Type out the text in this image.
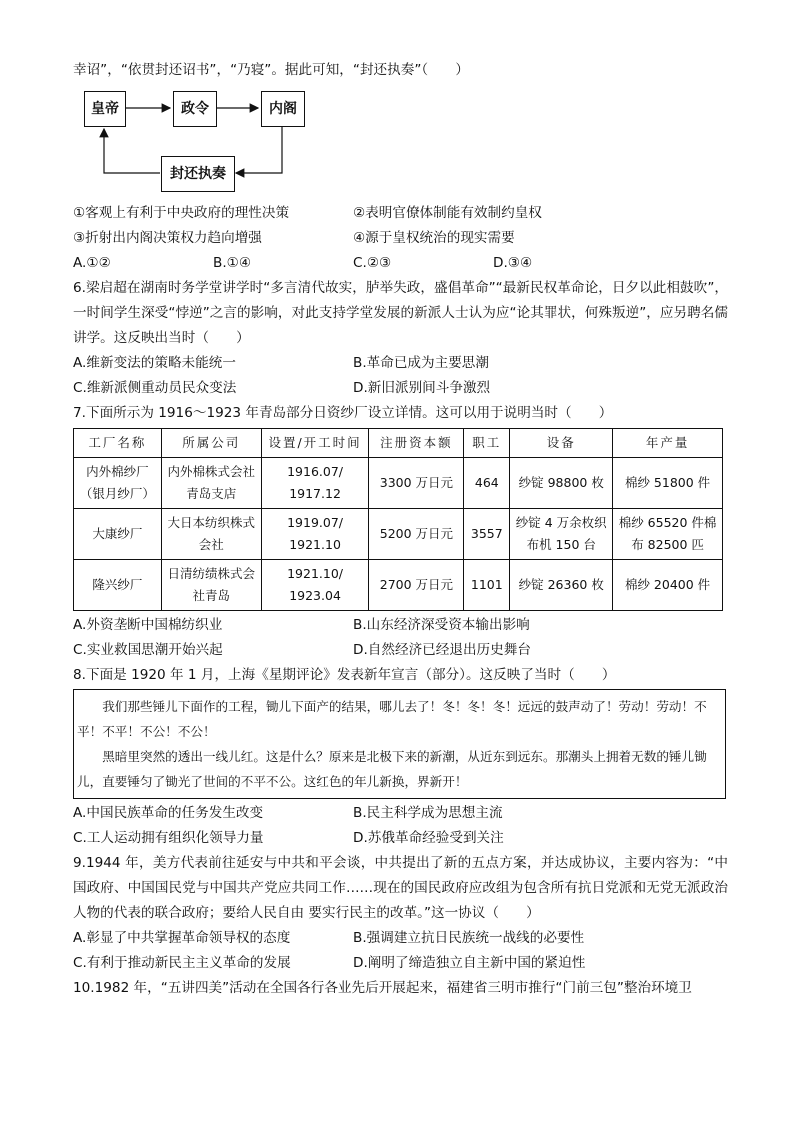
幸诏”，“依贯封还诏书”，“乃寝”。据此可知，“封还执奏”（　　）
皇帝	政令	内阁
封还执奏
①客观上有利于中央政府的理性决策	②表明官僚体制能有效制约皇权
③折射出内阁决策权力趋向增强	④源于皇权统治的现实需要
A.①②	B.①④	C.②③	D.③④
6.梁启超在湖南时务学堂讲学时“多言清代故实，胪举失政，盛倡革命”“最新民权革命论，日夕以此相鼓吹”，一时间学生深受“悖逆”之言的影响，对此支持学堂发展的新派人士认为应“论其罪状，何殊叛逆”，应另聘名儒讲学。这反映出当时（　　）
A.维新变法的策略未能统一	B.革命已成为主要思潮
C.维新派侧重动员民众变法	D.新旧派别间斗争激烈
7.下面所示为 1916～1923 年青岛部分日资纱厂设立详情。这可以用于说明当时（　　）
工厂名称	所属公司	设置/开工时间	注册资本额	职工	设备	年产量
内外棉纱厂（银月纱厂）	内外棉株式会社青岛支店	1916.07/ 1917.12	3300 万日元	464	纱锭 98800 枚	棉纱 51800 件
大康纱厂	大日本纺织株式会社	1919.07/ 1921.10	5200 万日元	3557	纱锭 4 万余枚织布机 150 台	棉纱 65520 件棉布 82500 匹
隆兴纱厂	日清纺绩株式会社青岛	1921.10/ 1923.04	2700 万日元	1101	纱锭 26360 枚	棉纱 20400 件
A.外资垄断中国棉纺织业	B.山东经济深受资本输出影响
C.实业救国思潮开始兴起	D.自然经济已经退出历史舞台
8.下面是 1920 年 1 月，上海《星期评论》发表新年宣言（部分）。这反映了当时（　　）

我们那些锤儿下面作的工程，锄儿下面产的结果，哪儿去了！冬！冬！冬！远远的鼓声动了！劳动！劳动！不平！不平！不公！不公！

黑暗里突然的透出一线儿红。这是什么？原来是北极下来的新潮，从近东到远东。那潮头上拥着无数的锤儿锄儿，直要锤匀了锄光了世间的不平不公。这红色的年儿新换，界新开！

A.中国民族革命的任务发生改变	B.民主科学成为思想主流
C.工人运动拥有组织化领导力量	D.苏俄革命经验受到关注
9.1944 年，美方代表前往延安与中共和平会谈，中共提出了新的五点方案，并达成协议，主要内容为：“中国政府、中国国民党与中国共产党应共同工作……现在的国民政府应改组为包含所有抗日党派和无党无派政治人物的代表的联合政府；要给人民自由 要实行民主的改革。”这一协议（　　）
A.彰显了中共掌握革命领导权的态度	B.强调建立抗日民族统一战线的必要性
C.有利于推动新民主主义革命的发展	D.阐明了缔造独立自主新中国的紧迫性
10.1982 年，“五讲四美”活动在全国各行各业先后开展起来，福建省三明市推行“门前三包”整治环境卫
